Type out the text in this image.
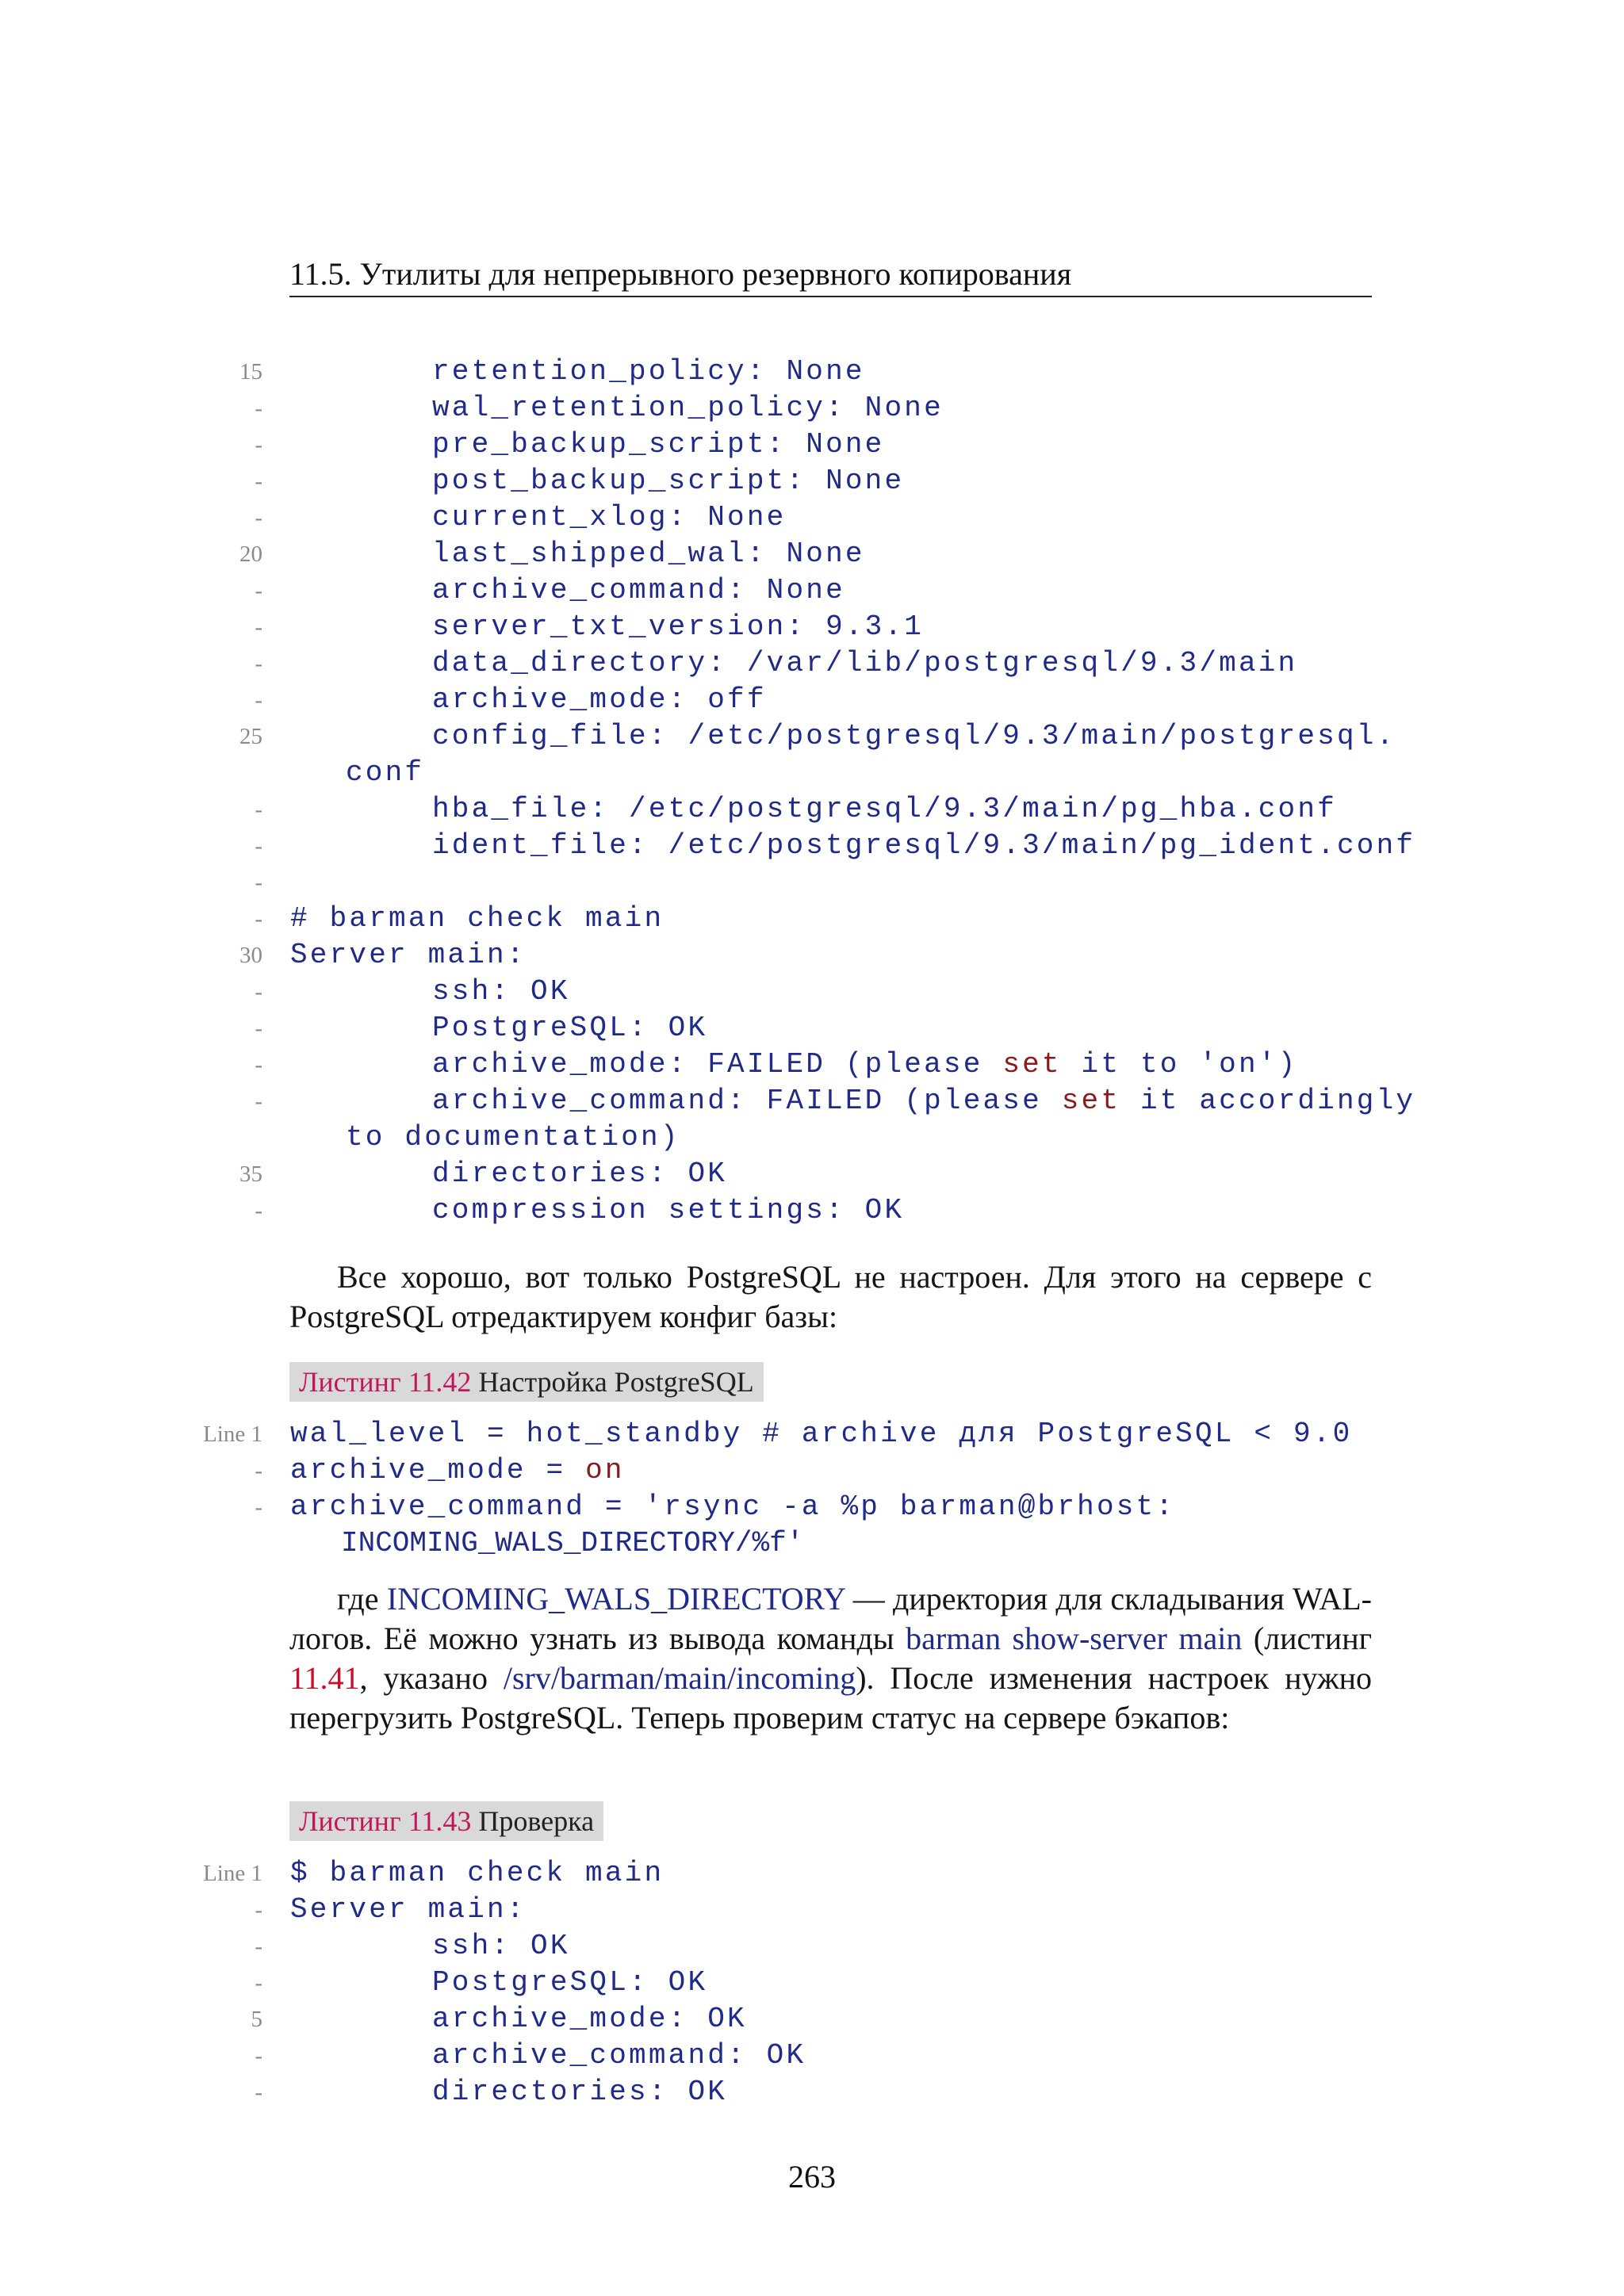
11.5. Утилиты для непрерывного резервного копирования
15	retention_policy: None
-	wal_retention_policy: None
-	pre_backup_script: None
-	post_backup_script: None
-	current_xlog: None
20	last_shipped_wal: None
-	archive_command: None
-	server_txt_version: 9.3.1
-	data_directory: /var/lib/postgresql/9.3/main
-	archive_mode: off
25	config_file: /etc/postgresql/9.3/main/postgresql.
conf
-	hba_file: /etc/postgresql/9.3/main/pg_hba.conf
-	ident_file: /etc/postgresql/9.3/main/pg_ident.conf
-
- # barman check main
30 Server main:
-	ssh: OK
-	PostgreSQL: OK
-	archive_mode: FAILED (please set it to 'on')
-	archive_command: FAILED (please set it accordingly
to documentation)
35	directories: OK
-	compression settings: OK
Все хорошо, вот только PostgreSQL не настроен. Для этого на сервере с PostgreSQL отредактируем конфиг базы:
Листинг 11.42 Настройка PostgreSQL
Line 1 wal_level = hot_standby # archive для PostgreSQL < 9.0
- archive_mode = on
- archive_command = 'rsync -a %p barman@brhost:
INCOMING_WALS_DIRECTORY/%f'
где INCOMING_WALS_DIRECTORY — директория для складывания WAL-логов. Её можно узнать из вывода команды barman show-server main (листинг 11.41, указано /srv/barman/main/incoming). После изменения настроек нужно перегрузить PostgreSQL. Теперь проверим статус на сервере бэкапов:
Листинг 11.43 Проверка
Line 1 $ barman check main
- Server main:
-	ssh: OK
-	PostgreSQL: OK
5	archive_mode: OK
-	archive_command: OK
-	directories: OK
263
